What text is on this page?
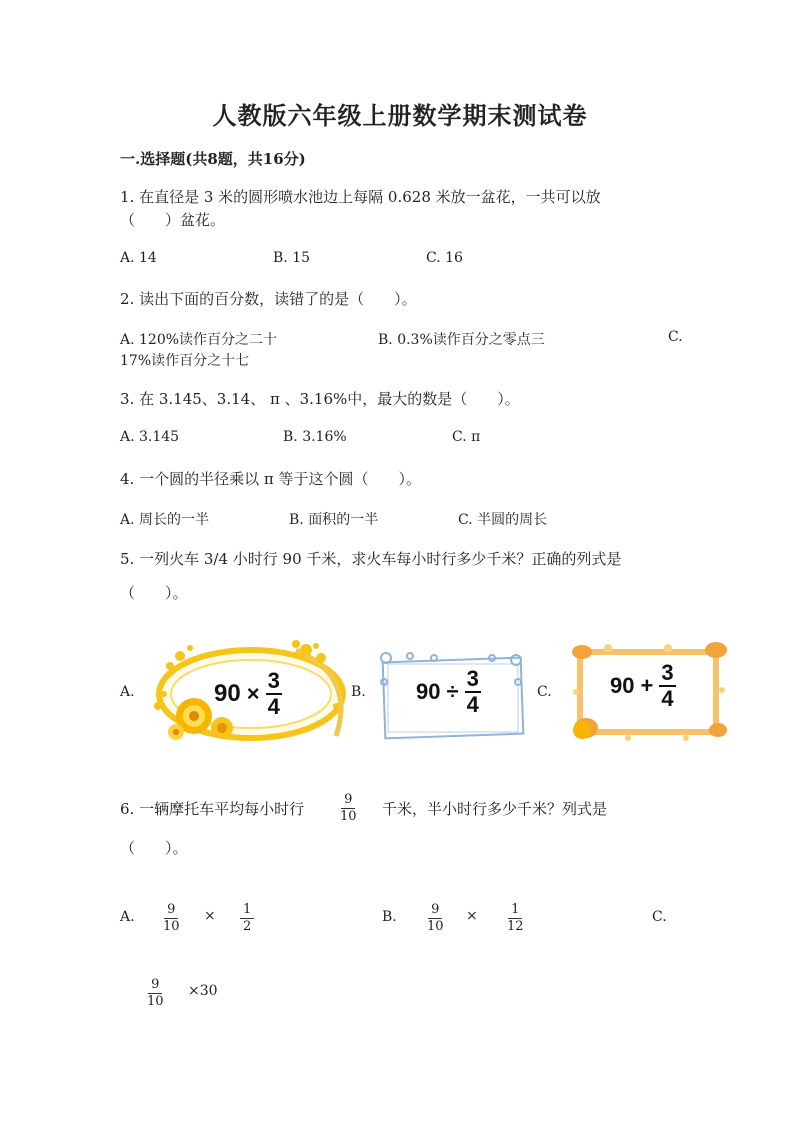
人教版六年级上册数学期末测试卷
一.选择题(共8题，共16分)
1. 在直径是 3 米的圆形喷水池边上每隔 0.628 米放一盆花，一共可以放
（　　）盆花。
A. 14	B. 15	C. 16
2. 读出下面的百分数，读错了的是（　　）。
A. 120%读作百分之二十	B. 0.3%读作百分之零点三	C.
17%读作百分之十七
3. 在 3.145、3.14、 π 、3.16%中，最大的数是（　　）。
A. 3.145	B. 3.16%	C. π
4. 一个圆的半径乘以 π 等于这个圆（　　）。
A. 周长的一半	B. 面积的一半	C. 半圆的周长
5. 一列火车 3/4 小时行 90 千米，求火车每小时行多少千米？正确的列式是
（　　）。
A.	$90 \times \frac{3}{4}$	B. $90 \div \frac{3}{4}$	C.	$90 + \frac{3}{4}$
6. 一辆摩托车平均每小时行	$\frac{9}{10}$ 千米，半小时行多少千米？列式是
（　　）。
A. $\frac{9}{10} \times \frac{1}{2}$	B. $\frac{9}{10} \times \frac{1}{12}$	C.
$\frac{9}{10} \times 30$
